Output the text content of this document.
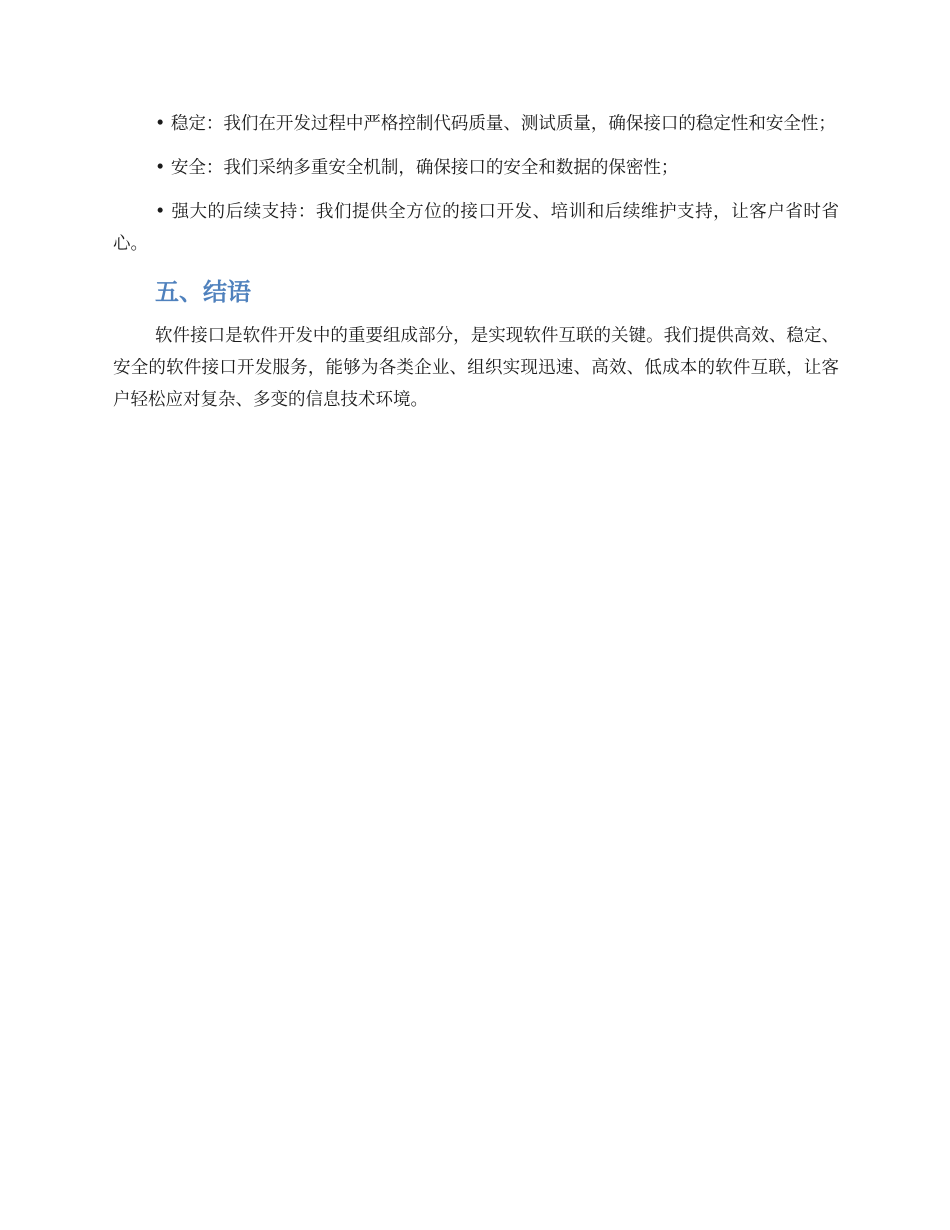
• 稳定：我们在开发过程中严格控制代码质量、测试质量，确保接口的稳定性和安全性；

• 安全：我们采纳多重安全机制，确保接口的安全和数据的保密性；

• 强大的后续支持：我们提供全方位的接口开发、培训和后续维护支持，让客户省时省心。

五、结语

软件接口是软件开发中的重要组成部分，是实现软件互联的关键。我们提供高效、稳定、安全的软件接口开发服务，能够为各类企业、组织实现迅速、高效、低成本的软件互联，让客户轻松应对复杂、多变的信息技术环境。
